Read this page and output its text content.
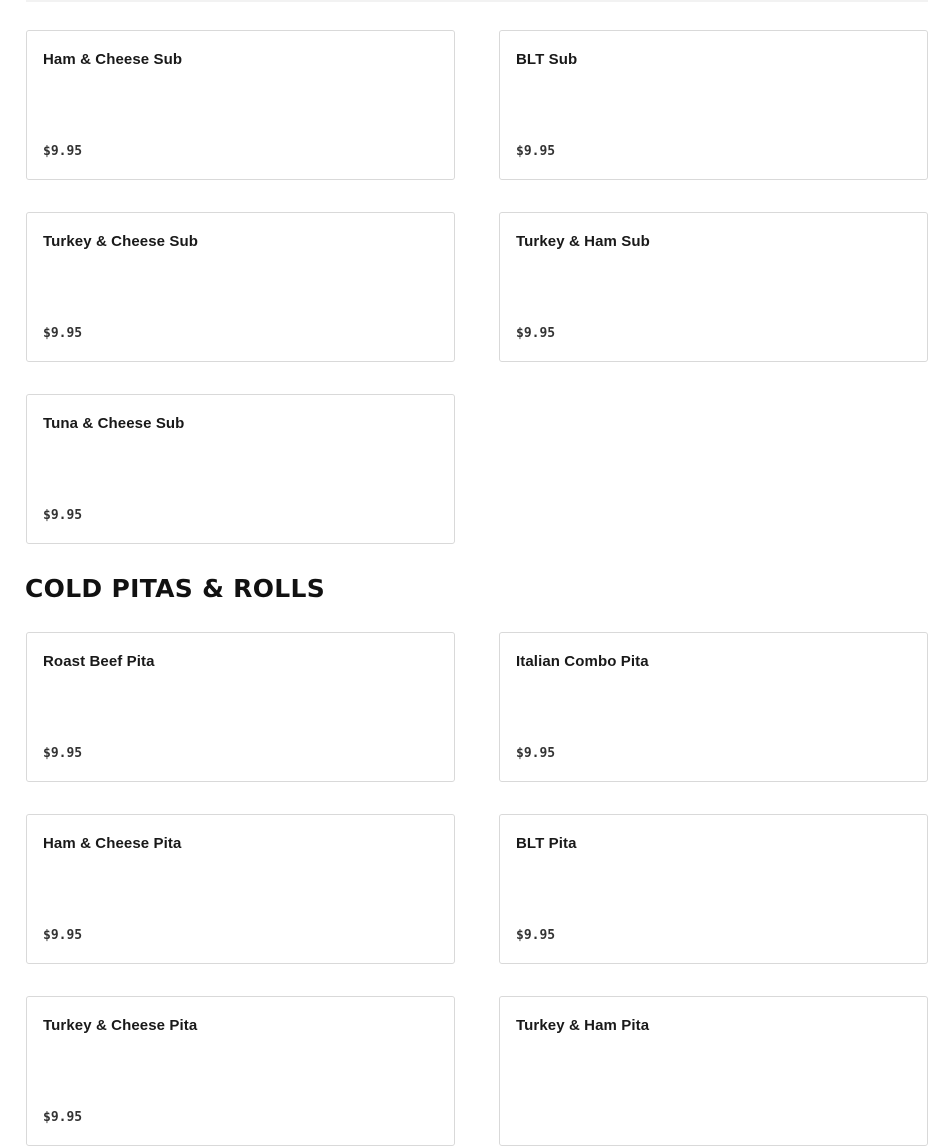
Ham & Cheese Sub
$9.95
BLT Sub
$9.95
Turkey & Cheese Sub
$9.95
Turkey & Ham Sub
$9.95
Tuna & Cheese Sub
$9.95
COLD PITAS & ROLLS
Roast Beef Pita
$9.95
Italian Combo Pita
$9.95
Ham & Cheese Pita
$9.95
BLT Pita
$9.95
Turkey & Cheese Pita
$9.95
Turkey & Ham Pita
